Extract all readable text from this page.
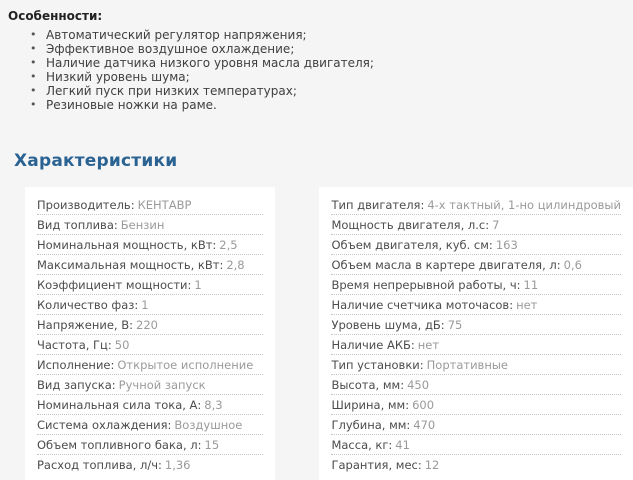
Особенности:
• Автоматический регулятор напряжения;
• Эффективное воздушное охлаждение;
• Наличие датчика низкого уровня масла двигателя;
• Низкий уровень шума;
• Легкий пуск при низких температурах;
• Резиновые ножки на раме.
Характеристики
Производитель: КЕНТАВР
Вид топлива: Бензин
Номинальная мощность, кВт: 2,5
Максимальная мощность, кВт: 2,8
Коэффициент мощности: 1
Количество фаз: 1
Напряжение, В: 220
Частота, Гц: 50
Исполнение: Открытое исполнение
Вид запуска: Ручной запуск
Номинальная сила тока, А: 8,3
Система охлаждения: Воздушное
Объем топливного бака, л: 15
Расход топлива, л/ч: 1,36
Тип двигателя: 4-х тактный, 1-но цилиндровый
Мощность двигателя, л.с: 7
Объем двигателя, куб. см: 163
Объем масла в картере двигателя, л: 0,6
Время непрерывной работы, ч: 11
Наличие счетчика моточасов: нет
Уровень шума, дБ: 75
Наличие АКБ: нет
Тип установки: Портативные
Высота, мм: 450
Ширина, мм: 600
Глубина, мм: 470
Масса, кг: 41
Гарантия, мес: 12
